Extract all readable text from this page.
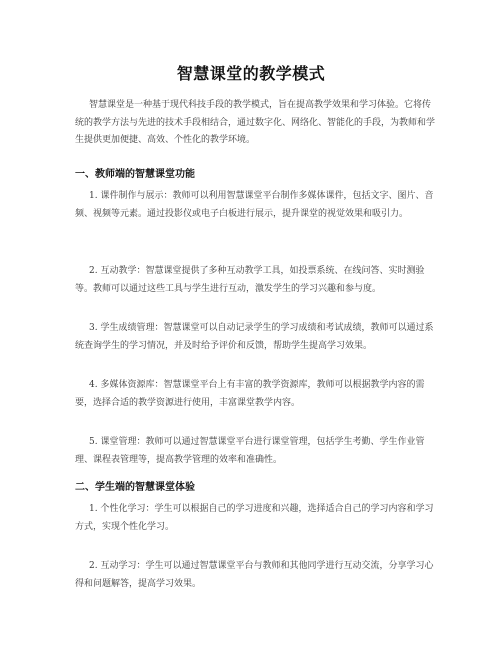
智慧课堂的教学模式

智慧课堂是一种基于现代科技手段的教学模式，旨在提高教学效果和学习体验。它将传统的教学方法与先进的技术手段相结合，通过数字化、网络化、智能化的手段，为教师和学生提供更加便捷、高效、个性化的教学环境。

一、教师端的智慧课堂功能

1. 课件制作与展示：教师可以利用智慧课堂平台制作多媒体课件，包括文字、图片、音频、视频等元素。通过投影仪或电子白板进行展示，提升课堂的视觉效果和吸引力。

2. 互动教学：智慧课堂提供了多种互动教学工具，如投票系统、在线问答、实时测验等。教师可以通过这些工具与学生进行互动，激发学生的学习兴趣和参与度。

3. 学生成绩管理：智慧课堂可以自动记录学生的学习成绩和考试成绩，教师可以通过系统查询学生的学习情况，并及时给予评价和反馈，帮助学生提高学习效果。

4. 多媒体资源库：智慧课堂平台上有丰富的教学资源库，教师可以根据教学内容的需要，选择合适的教学资源进行使用，丰富课堂教学内容。

5. 课堂管理：教师可以通过智慧课堂平台进行课堂管理，包括学生考勤、学生作业管理、课程表管理等，提高教学管理的效率和准确性。

二、学生端的智慧课堂体验

1. 个性化学习：学生可以根据自己的学习进度和兴趣，选择适合自己的学习内容和学习方式，实现个性化学习。

2. 互动学习：学生可以通过智慧课堂平台与教师和其他同学进行互动交流，分享学习心得和问题解答，提高学习效果。
